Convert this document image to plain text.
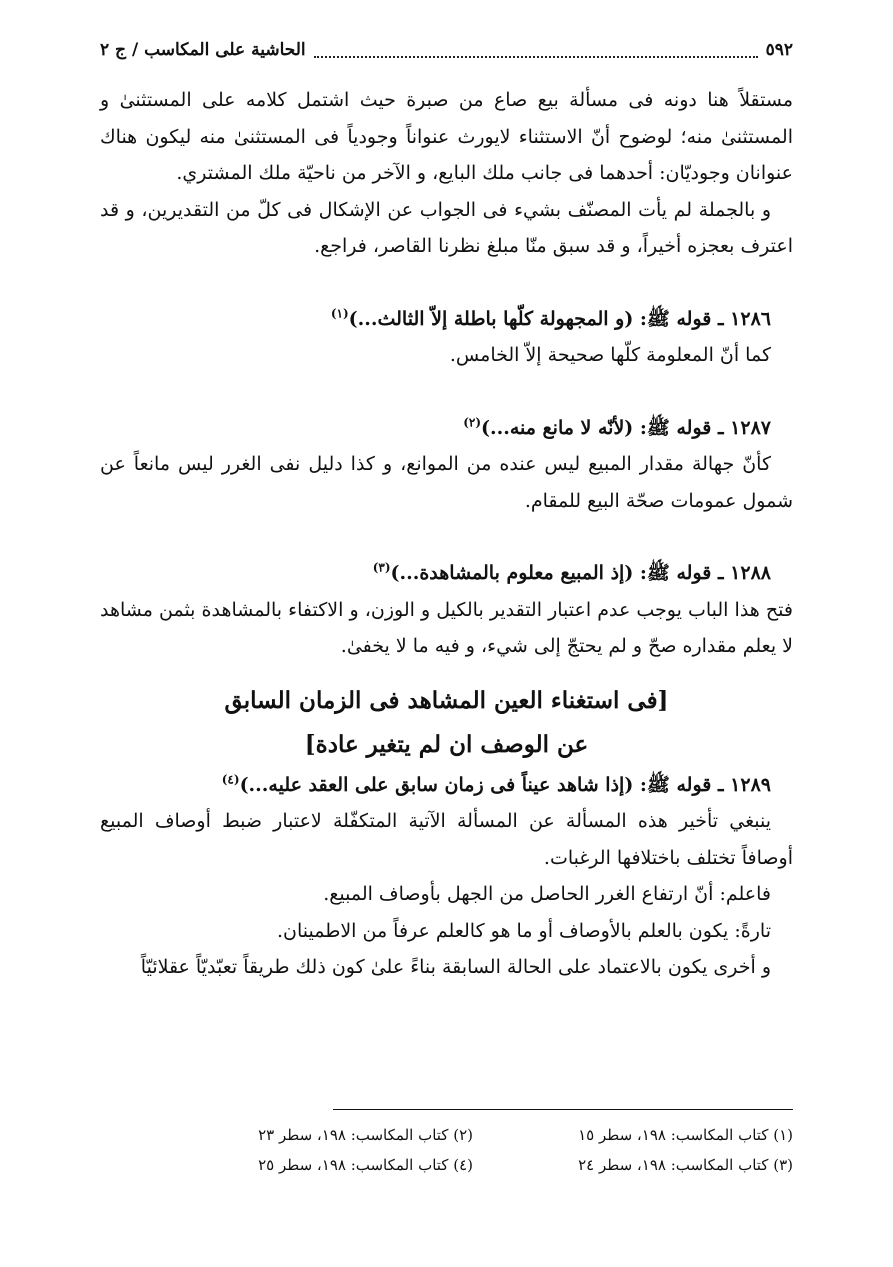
٥٩٢
الحاشية على المكاسب / ج ٢

مستقلاً هنا دونه فى مسألة بيع صاع من صبرة حيث اشتمل كلامه على المستثنىٰ و المستثنىٰ منه؛ لوضوح أنّ الاستثناء لايورث عنواناً وجودياً فى المستثنىٰ منه ليكون هناك عنوانان وجوديّان: أحدهما فى جانب ملك البايع، و الآخر من ناحيّة ملك المشتري.

و بالجملة لم يأت المصنّف بشيء فى الجواب عن الإشكال فى كلّ من التقديرين، و قد اعترف بعجزه أخيراً، و قد سبق منّا مبلغ نظرنا القاصر، فراجع.

١٢٨٦ ـ قوله ﷺ: (و المجهولة كلّها باطلة إلاّ الثالث...)$^{(١)}$

كما أنّ المعلومة كلّها صحيحة إلاّ الخامس.

١٢٨٧ ـ قوله ﷺ: (لأنّه لا مانع منه...)$^{(٢)}$

كأنّ جهالة مقدار المبيع ليس عنده من الموانع، و كذا دليل نفى الغرر ليس مانعاً عن شمول عمومات صحّة البيع للمقام.

١٢٨٨ ـ قوله ﷺ: (إذ المبيع معلوم بالمشاهدة...)$^{(٣)}$

فتح هذا الباب يوجب عدم اعتبار التقدير بالكيل و الوزن، و الاكتفاء بالمشاهدة بثمن مشاهد لا يعلم مقداره صحّ و لم يحتجّ إلى شيء، و فيه ما لا يخفىٰ.

[فى استغناء العين المشاهد فى الزمان السابق
عن الوصف ان لم يتغير عادة]

١٢٨٩ ـ قوله ﷺ: (إذا شاهد عيناً فى زمان سابق على العقد عليه...)$^{(٤)}$

ينبغي تأخير هذه المسألة عن المسألة الآتية المتكفّلة لاعتبار ضبط أوصاف المبيع أوصافاً تختلف باختلافها الرغبات.

فاعلم: أنّ ارتفاع الغرر الحاصل من الجهل بأوصاف المبيع.

تارةً: يكون بالعلم بالأوصاف أو ما هو كالعلم عرفاً من الاطمينان.

و أخرى يكون بالاعتماد على الحالة السابقة بناءً علىٰ كون ذلك طريقاً تعبّديّاً عقلائيّاً

(١) كتاب المكاسب: ١٩٨، سطر ١٥
(٢) كتاب المكاسب: ١٩٨، سطر ٢٣
(٣) كتاب المكاسب: ١٩٨، سطر ٢٤
(٤) كتاب المكاسب: ١٩٨، سطر ٢٥
